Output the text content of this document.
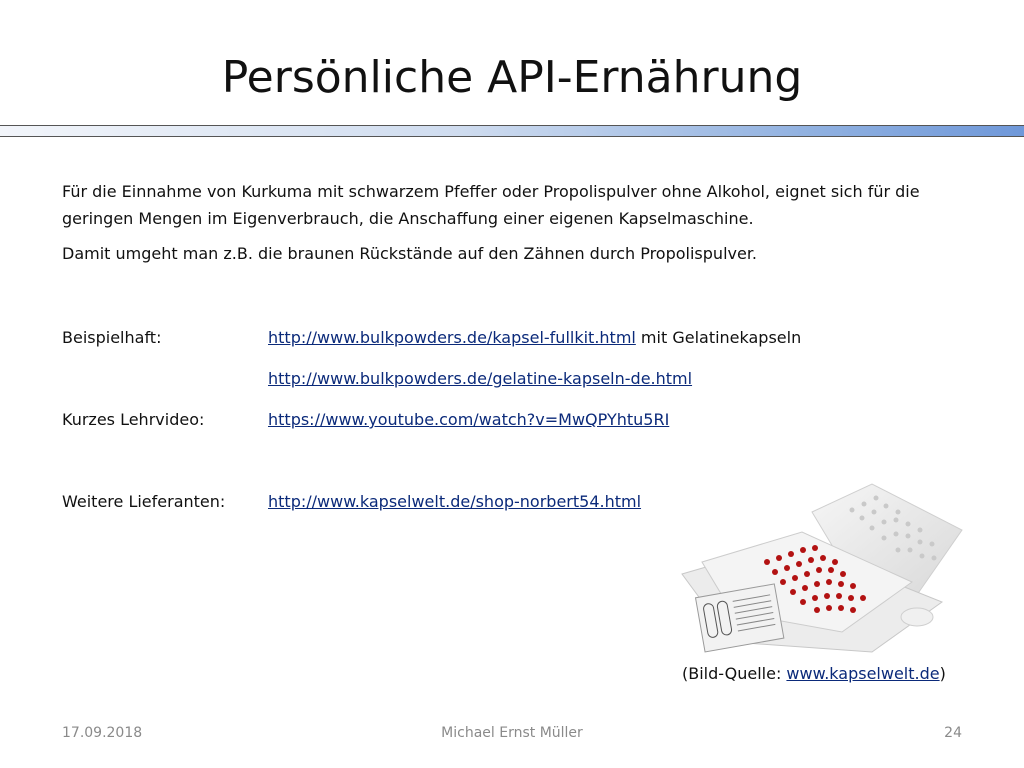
Persönliche API-Ernährung

Für die Einnahme von Kurkuma mit schwarzem Pfeffer oder Propolispulver ohne Alkohol, eignet sich für die geringen Mengen im Eigenverbrauch, die Anschaffung einer eigenen Kapselmaschine.

Damit umgeht man z.B. die braunen Rückstände auf den Zähnen durch Propolispulver.

Beispielhaft:	http://www.bulkpowders.de/kapsel-fullkit.html mit Gelatinekapseln
http://www.bulkpowders.de/gelatine-kapseln-de.html
Kurzes Lehrvideo:	https://www.youtube.com/watch?v=MwQPYhtu5RI
Weitere Lieferanten:	http://www.kapselwelt.de/shop-norbert54.html
(Bild-Quelle: www.kapselwelt.de)
17.09.2018	Michael Ernst Müller	24
